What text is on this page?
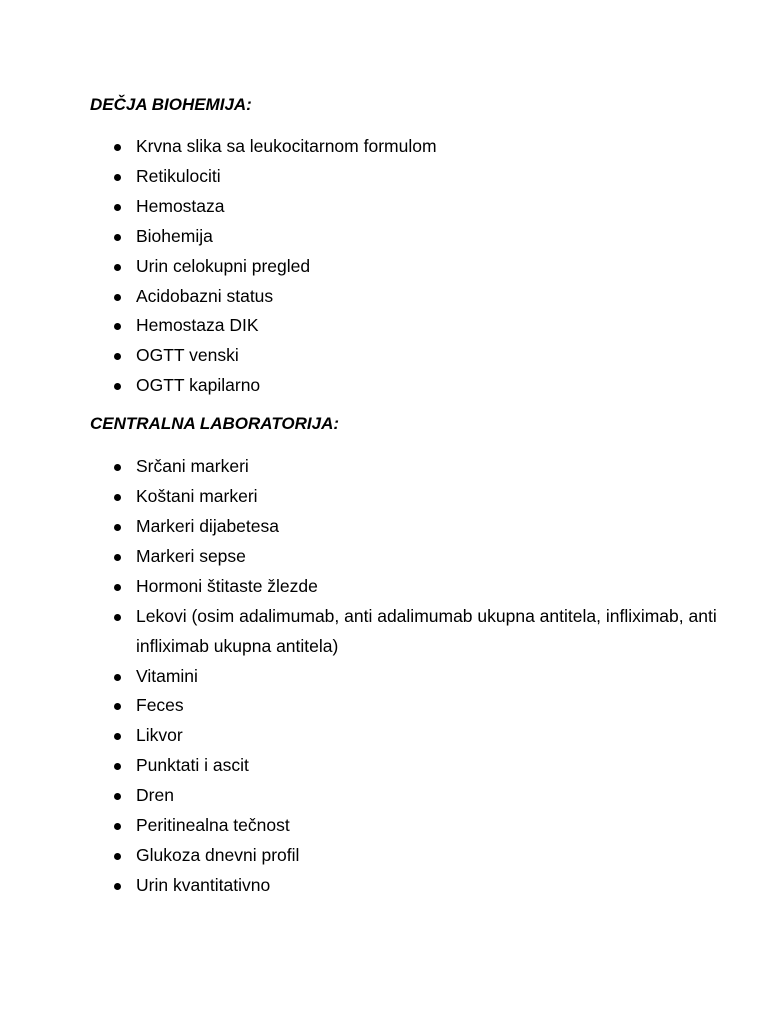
DEČJA BIOHEMIJA:
Krvna slika sa leukocitarnom formulom
Retikulociti
Hemostaza
Biohemija
Urin celokupni pregled
Acidobazni status
Hemostaza DIK
OGTT venski
OGTT kapilarno
CENTRALNA LABORATORIJA:
Srčani markeri
Koštani markeri
Markeri dijabetesa
Markeri sepse
Hormoni štitaste žlezde
Lekovi (osim adalimumab, anti adalimumab ukupna antitela, infliximab, anti infliximab ukupna antitela)
Vitamini
Feces
Likvor
Punktati i ascit
Dren
Peritinealna tečnost
Glukoza dnevni profil
Urin kvantitativno
